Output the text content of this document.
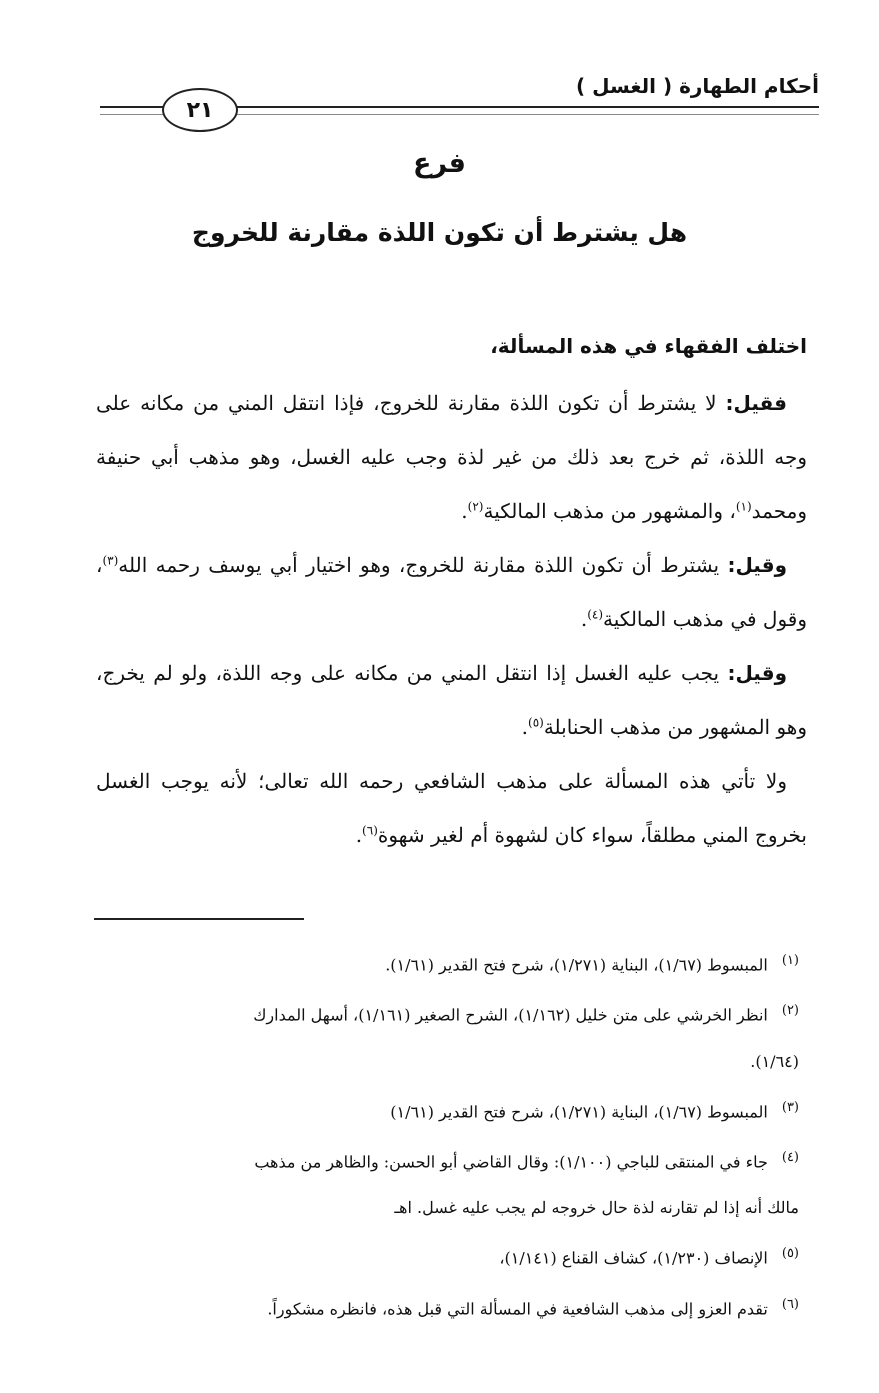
٢١
أحكام الطهارة ( الغسل )
فرع
هل يشترط أن تكون اللذة مقارنة للخروج

اختلف الفقهاء في هذه المسألة،

فقيل: لا يشترط أن تكون اللذة مقارنة للخروج، فإذا انتقل المني من مكانه على وجه اللذة، ثم خرج بعد ذلك من غير لذة وجب عليه الغسل، وهو مذهب أبي حنيفة ومحمد$^{(١)}$، والمشهور من مذهب المالكية$^{(٢)}$.

وقيل: يشترط أن تكون اللذة مقارنة للخروج، وهو اختيار أبي يوسف رحمه الله$^{(٣)}$، وقول في مذهب المالكية$^{(٤)}$.

وقيل: يجب عليه الغسل إذا انتقل المني من مكانه على وجه اللذة، ولو لم يخرج، وهو المشهور من مذهب الحنابلة$^{(٥)}$.

ولا تأتي هذه المسألة على مذهب الشافعي رحمه الله تعالى؛ لأنه يوجب الغسل بخروج المني مطلقاً، سواء كان لشهوة أم لغير شهوة$^{(٦)}$.

(١)المبسوط (١/٦٧)، البناية (١/٢٧١)، شرح فتح القدير (١/٦١).

(٢)انظر الخرشي على متن خليل (١/١٦٢)، الشرح الصغير (١/١٦١)، أسهل المدارك

(١/٦٤).

(٣)المبسوط (١/٦٧)، البناية (١/٢٧١)، شرح فتح القدير (١/٦١)

(٤)جاء في المنتقى للباجي (١/١٠٠): وقال القاضي أبو الحسن: والظاهر من مذهب

مالك أنه إذا لم تقارنه لذة حال خروجه لم يجب عليه غسل. اهـ

(٥)الإنصاف (١/٢٣٠)، كشاف القناع (١/١٤١)،

(٦)تقدم العزو إلى مذهب الشافعية في المسألة التي قبل هذه، فانظره مشكوراً.
